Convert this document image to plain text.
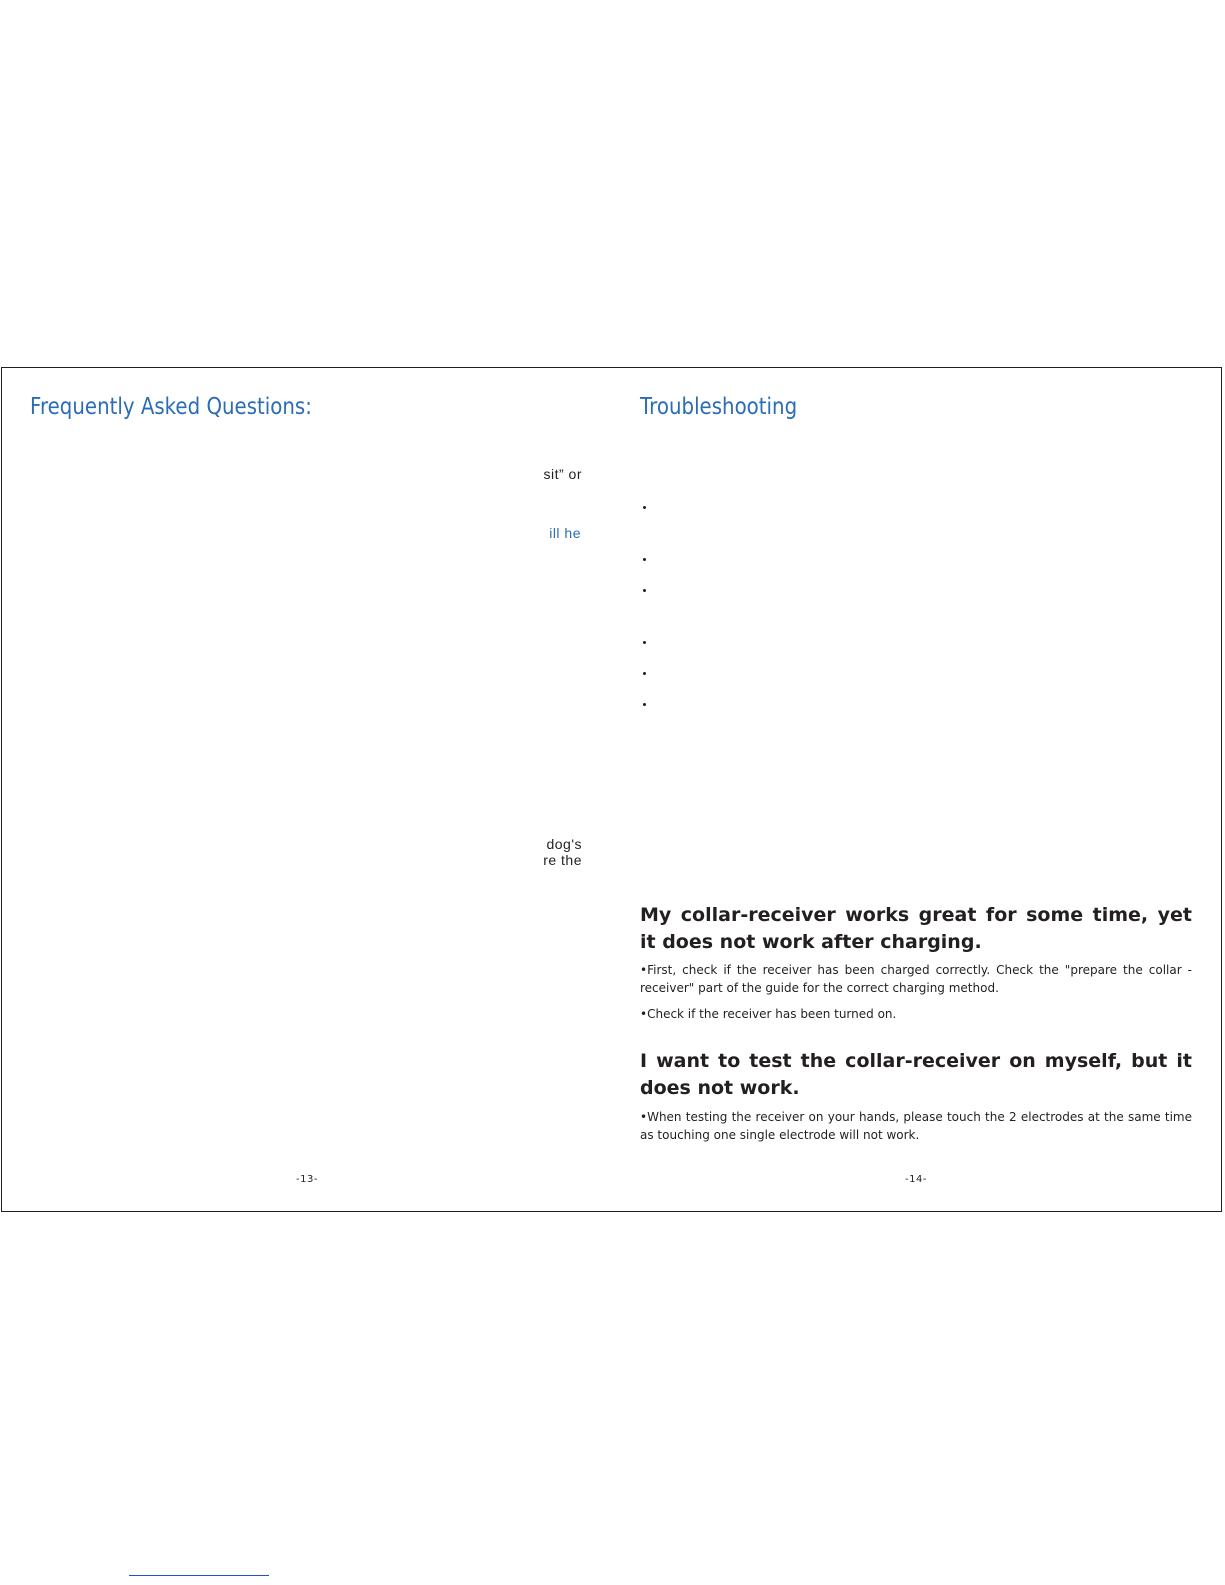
Frequently Asked Questions:
sit” or
ill he
dog's
re the
-13-
Troubleshooting
My collar-receiver works great for some time, yet it does not work after charging.

•First, check if the receiver has been charged correctly. Check the "prepare the collar -receiver" part of the guide for the correct charging method.

•Check if the receiver has been turned on.

I want to test the collar-receiver on myself, but it does not work.

•When testing the receiver on your hands, please touch the 2 electrodes at the same time as touching one single electrode will not work.

-14-
